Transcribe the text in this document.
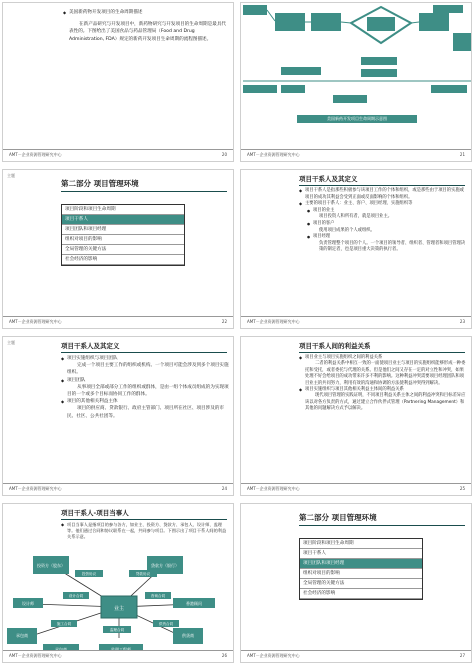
◆ 美国新药物开发项目的生命周期描述
在新产品研究与开发项目中，新药物研究与开发项目的生命周期是最具代表性的。下图给出了美国食品与药品管理局（Food and Drug Administration, FDA）规定的新药开发项目生命周期的流程图描述。
AMT－企业资源管理研究中心	20
美国新药开发项目生命周期示意图
AMT－企业资源管理研究中心	21
主题
第二部分 项目管理环境
项目阶段和项目生命周期
项目干系人
项目团队和项目经理
组织对项目的影响
全局管理的关键方法
社会经济的影响
AMT－企业资源管理研究中心	22
项目干系人及其定义
◆ 项目干系人是指那些积极参与该项目工作的个体和组织，或是那些由于项目的实施或项目的成功其利益会受到正面或反面影响的个体和组织。
◆ 主要的项目干系人：业主、客户、项目经理、实施组织等
● 项目的业主
项目投资人和所有者，就是项目业主。
● 项目的客户
使用项目成果的个人或组织。
● 项目经理
负责管理整个项目的个人。一个项目的领导者、组织者、管理者和项目管理决策的制定者，也是项目重大决策的执行者。
AMT－企业资源管理研究中心	23
主题	项目干系人及其定义
◆ 项目实施组织与项目团队
完成一个项目主要工作的组织或机构。一个项目可能会涉及到多个项目实施组织。
◆ 项目团队
从事项目全部或部分工作的组织或群体，是由一组个体成员组成的为实现项目的一个或多个目标而协同工作的群体。
◆ 项目的其他相关利益主体
项目的供应商、贷款银行、政府主管部门、项目所在社区、项目涉及的市民、社区、公共社团等。
AMT－企业资源管理研究中心	24
项目干系人间的利益关系
◆ 项目业主与项目实施组织之间的利益关系
二者的利益关系中相互一致的一面使项目业主与项目的实施组织能够形成一种委托和受托，或者委托与代理的关系。但是他们之间又存在一定的对立性和冲突，如果处理不好会给项目的成功带来许多不利的影响。这种利益冲突需要项目经理团队和项目业主的共同努力，利用有效的沟通和协调的方法使利益冲突得到解决。
◆ 项目实施组织与项目其他相关利益主体间的利益关系
现代项目管理的实践证明，不同项目利益关系主体之间的利益冲突和目标差异应该以对各方负责的方式，通过建立合作伙伴式管理（Partnering Management）和其他的问题解决方式予以解决。
AMT－企业资源管理研究中心	25
项目干系人-项目当事人
◆ 项目当事人是指项目的参与各方，如业主、投资方、贷款方、承包人、设计师、监理等。他们通过合同和协议联系在一起，共同参与项目。下图示出了项目干系人间的利益关系示意。
业主
投资方（股东）	贷款方（银行）
设计师	香港顾问
承包商	供货商
投资协议	贷款协议
设计合同	咨询合同
施工合同
监理合同
供货合同
AMT－企业资源管理研究中心	26
第二部分 项目管理环境
项目阶段和项目生命周期
项目干系人
项目团队和项目经理
组织对项目的影响
全局管理的关键方法
社会经济的影响
AMT－企业资源管理研究中心	27
